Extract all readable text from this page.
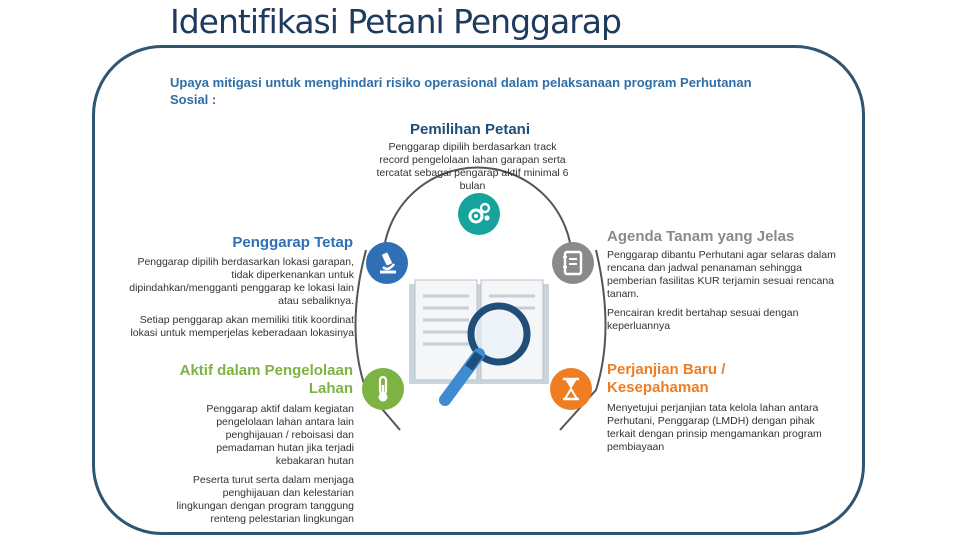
Identifikasi Petani Penggarap
Upaya mitigasi untuk menghindari risiko operasional dalam pelaksanaan program Perhutanan Sosial :
Pemilihan Petani
Penggarap dipilih berdasarkan track record pengelolaan lahan garapan serta tercatat sebagai pengarap aktif minimal 6 bulan
Penggarap Tetap
Penggarap dipilih berdasarkan lokasi garapan, tidak diperkenankan untuk dipindahkan/mengganti penggarap ke lokasi lain atau sebaliknya.
Setiap penggarap akan memiliki titik koordinat lokasi untuk memperjelas keberadaan lokasinya
Aktif dalam Pengelolaan
Lahan
Penggarap aktif dalam kegiatan pengelolaan lahan antara lain penghijauan / reboisasi dan pemadaman hutan jika terjadi kebakaran hutan
Peserta turut serta dalam menjaga penghijauan dan kelestarian lingkungan dengan program tanggung renteng pelestarian lingkungan
Agenda Tanam yang Jelas
Penggarap dibantu Perhutani agar selaras dalam rencana dan jadwal penanaman sehingga pemberian fasilitas KUR terjamin sesuai rencana tanam.
Pencairan kredit bertahap sesuai dengan keperluannya
Perjanjian Baru /
Kesepahaman
Menyetujui perjanjian tata kelola lahan antara Perhutani, Penggarap (LMDH) dengan pihak terkait dengan prinsip mengamankan program pembiayaan
